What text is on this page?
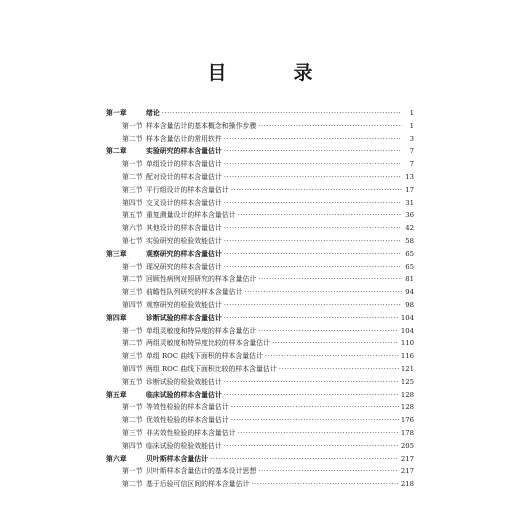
目　录
第一章	绪论 ·····	1
第一节 样本含量估计的基本概念和操作步骤 ·····	1
第二节 样本含量估计的常用软件 ·····	3
第二章	实验研究的样本含量估计 ·····	7
第一节 单组设计的样本含量估计 ·····	7
第二节 配对设计的样本含量估计 ·····	13
第三节 平行组设计的样本含量估计 ·····	17
第四节 交叉设计的样本含量估计 ·····	31
第五节 重复测量设计的样本含量估计 ·····	36
第六节 其他设计的样本含量估计 ·····	42
第七节 实验研究的检验效能估计 ·····	58
第三章	观察研究的样本含量估计 ·····	65
第一节 现况研究的样本含量估计 ·····	65
第二节 回顾性病例对照研究的样本含量估计 ·····	81
第三节 前瞻性队列研究的样本含量估计 ·····	94
第四节 观察研究的检验效能估计 ·····	98
第四章	诊断试验的样本含量估计 ·····	104
第一节 单组灵敏度和特异度的样本含量估计 ·····	104
第二节 两组灵敏度和特异度比较的样本含量估计 ·····	110
第三节 单组 ROC 曲线下面积的样本含量估计 ·····	116
第四节 两组 ROC 曲线下面积比较的样本含量估计 ·····	121
第五节 诊断试验的检验效能估计 ·····	125
第五章	临床试验的样本含量估计 ·····	128
第一节 等效性检验的样本含量估计 ·····	128
第二节 优效性检验的样本含量估计 ·····	176
第三节 非劣效性检验的样本含量估计 ·····	178
第四节 临床试验的检验效能估计 ·····	205
第六章	贝叶斯样本含量估计 ·····	217
第一节 贝叶斯样本含量估计的基本设计思想 ·····	217
第二节 基于后验可信区间的样本含量估计 ·····	218
